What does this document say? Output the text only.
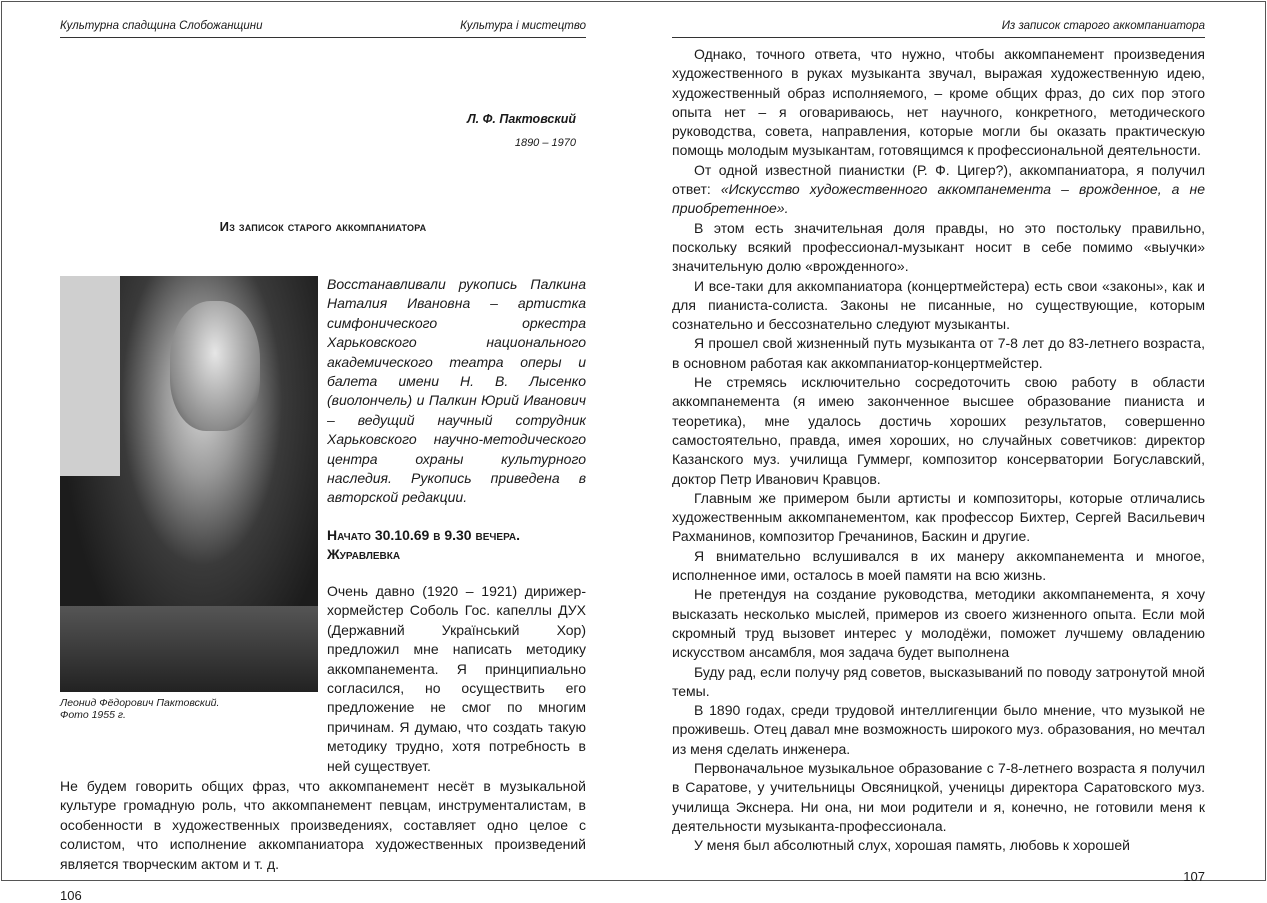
Культурна спадщина Слобожанщини	Культура і мистецтво
Л. Ф. Пактовский
1890 – 1970
Из записок старого аккомпаниатора
Леонид Фёдорович Пактовский.
Фото 1955 г.
Восстанавливали рукопись Палкина Наталия Ивановна – артистка симфонического оркестра Харьковского национального академического театра оперы и балета имени Н. В. Лысенко (виолончель) и Палкин Юрий Иванович – ведущий научный сотрудник Харьковского научно-методического центра охраны культурного наследия. Рукопись приведена в авторской редакции.
Начато 30.10.69 в 9.30 вечера.
Журавлевка
Очень давно (1920 – 1921) дирижер-хормейстер Соболь Гос. капеллы ДУХ (Державний Український Хор) предложил мне написать методику аккомпанемента. Я принципиально согласился, но осуществить его предложение не смог по многим причинам. Я думаю, что создать такую методику трудно, хотя потребность в ней существует.
Не будем говорить общих фраз, что аккомпанемент несёт в музыкальной культуре громадную роль, что аккомпанемент певцам, инструменталистам, в особенности в художественных произведениях, составляет одно целое с солистом, что исполнение аккомпаниатора художественных произведений является творческим актом и т. д.
106
Из записок старого аккомпаниатора

Однако, точного ответа, что нужно, чтобы аккомпанемент произведения художественного в руках музыканта звучал, выражая художественную идею, художественный образ исполняемого, – кроме общих фраз, до сих пор этого опыта нет – я оговариваюсь, нет научного, конкретного, методического руководства, совета, направления, которые могли бы оказать практическую помощь молодым музыкантам, готовящимся к профессиональной деятельности.

От одной известной пианистки (Р. Ф. Цигер?), аккомпаниатора, я получил ответ: «Искусство художественного аккомпанемента – врожденное, а не приобретенное».

В этом есть значительная доля правды, но это постольку правильно, поскольку всякий профессионал-музыкант носит в себе помимо «выучки» значительную долю «врожденного».

И все-таки для аккомпаниатора (концертмейстера) есть свои «законы», как и для пианиста-солиста. Законы не писанные, но существующие, которым сознательно и бессознательно следуют музыканты.

Я прошел свой жизненный путь музыканта от 7-8 лет до 83-летнего возраста, в основном работая как аккомпаниатор-концертмейстер.

Не стремясь исключительно сосредоточить свою работу в области аккомпанемента (я имею законченное высшее образование пианиста и теоретика), мне удалось достичь хороших результатов, совершенно самостоятельно, правда, имея хороших, но случайных советчиков: директор Казанского муз. училища Гуммерг, композитор консерватории Богуславский, доктор Петр Иванович Кравцов.

Главным же примером были артисты и композиторы, которые отличались художественным аккомпанементом, как профессор Бихтер, Сергей Васильевич Рахманинов, композитор Гречанинов, Баскин и другие.

Я внимательно вслушивался в их манеру аккомпанемента и многое, исполненное ими, осталось в моей памяти на всю жизнь.

Не претендуя на создание руководства, методики аккомпанемента, я хочу высказать несколько мыслей, примеров из своего жизненного опыта. Если мой скромный труд вызовет интерес у молодёжи, поможет лучшему овладению искусством ансамбля, моя задача будет выполнена

Буду рад, если получу ряд советов, высказываний по поводу затронутой мной темы.

В 1890 годах, среди трудовой интеллигенции было мнение, что музыкой не проживешь. Отец давал мне возможность широкого муз. образования, но мечтал из меня сделать инженера.

Первоначальное музыкальное образование с 7-8-летнего возраста я получил в Саратове, у учительницы Овсяницкой, ученицы директора Саратовского муз. училища Экснера. Ни она, ни мои родители и я, конечно, не готовили меня к деятельности музыканта-профессионала.

У меня был абсолютный слух, хорошая память, любовь к хорошей

107
